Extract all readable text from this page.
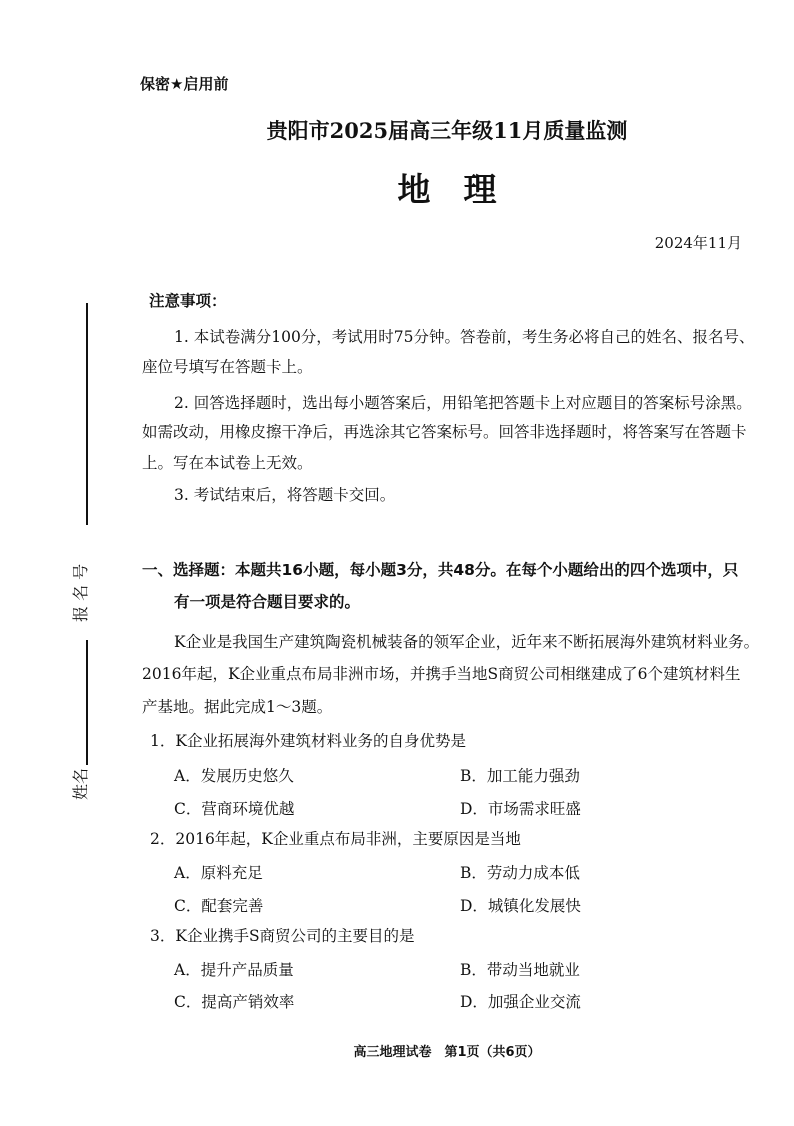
保密★启用前
贵阳市2025届高三年级11月质量监测
地　理
2024年11月
报 名 号
姓名
注意事项：
1. 本试卷满分100分，考试用时75分钟。答卷前，考生务必将自己的姓名、报名号、
座位号填写在答题卡上。
2. 回答选择题时，选出每小题答案后，用铅笔把答题卡上对应题目的答案标号涂黑。
如需改动，用橡皮擦干净后，再选涂其它答案标号。回答非选择题时，将答案写在答题卡
上。写在本试卷上无效。
3. 考试结束后，将答题卡交回。
一、选择题：本题共16小题，每小题3分，共48分。在每个小题给出的四个选项中，只
有一项是符合题目要求的。
K企业是我国生产建筑陶瓷机械装备的领军企业，近年来不断拓展海外建筑材料业务。
2016年起，K企业重点布局非洲市场，并携手当地S商贸公司相继建成了6个建筑材料生
产基地。据此完成1～3题。
1．K企业拓展海外建筑材料业务的自身优势是
A．发展历史悠久	B．加工能力强劲
C．营商环境优越	D．市场需求旺盛
2．2016年起，K企业重点布局非洲，主要原因是当地
A．原料充足	B．劳动力成本低
C．配套完善	D．城镇化发展快
3．K企业携手S商贸公司的主要目的是
A．提升产品质量	B．带动当地就业
C．提高产销效率	D．加强企业交流
高三地理试卷　第1页（共6页）
